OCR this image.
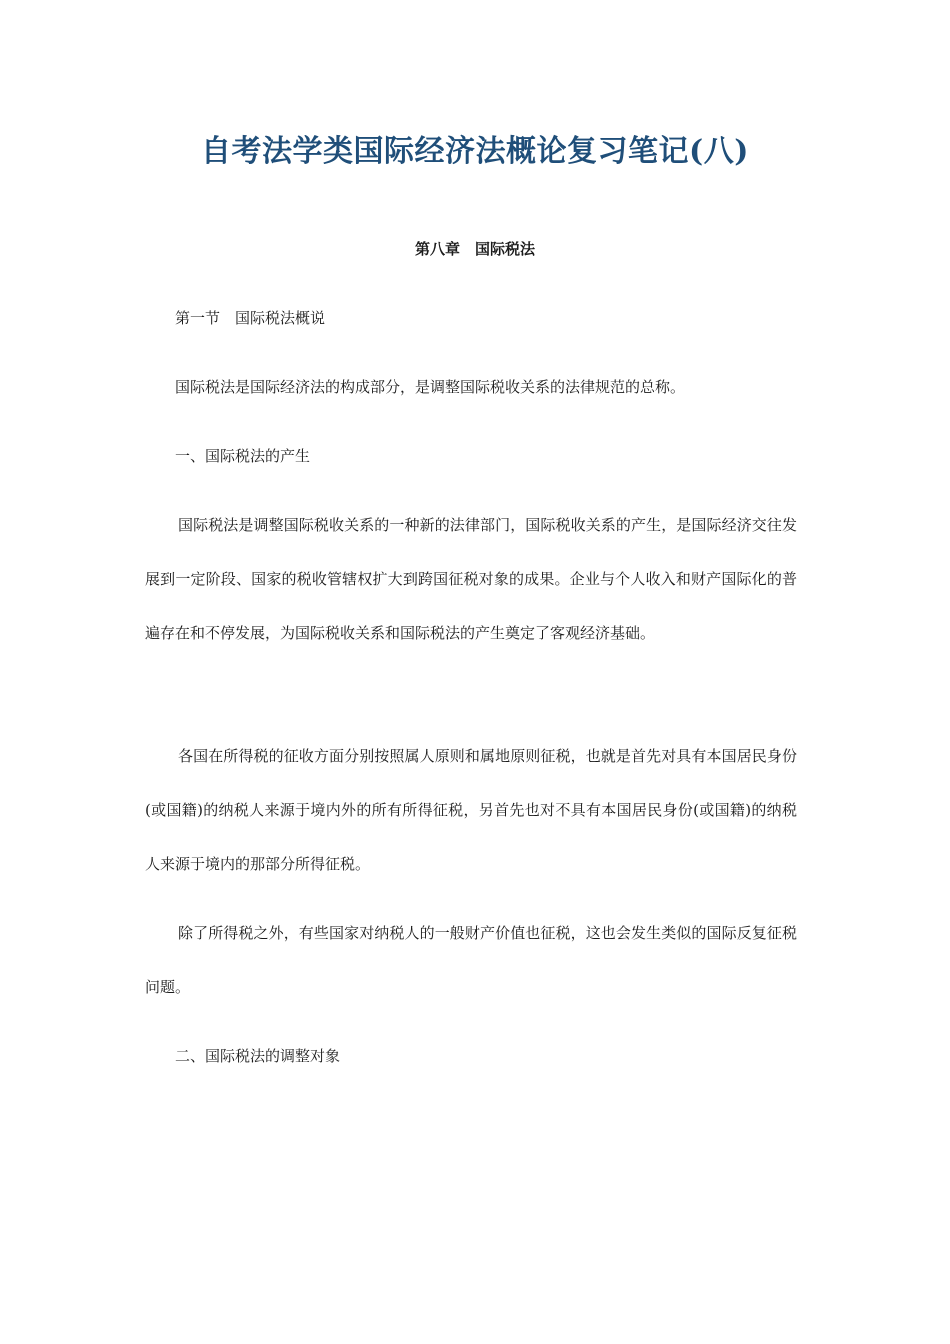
自考法学类国际经济法概论复习笔记(八)

第八章　国际税法

　　第一节　国际税法概说

　　国际税法是国际经济法的构成部分，是调整国际税收关系的法律规范的总称。

　　一、国际税法的产生

国际税法是调整国际税收关系的一种新的法律部门，国际税收关系的产生，是国际经济交往发展到一定阶段、国家的税收管辖权扩大到跨国征税对象的成果。企业与个人收入和财产国际化的普遍存在和不停发展，为国际税收关系和国际税法的产生奠定了客观经济基础。

各国在所得税的征收方面分别按照属人原则和属地原则征税，也就是首先对具有本国居民身份(或国籍)的纳税人来源于境内外的所有所得征税，另首先也对不具有本国居民身份(或国籍)的纳税人来源于境内的那部分所得征税。

除了所得税之外，有些国家对纳税人的一般财产价值也征税，这也会发生类似的国际反复征税问题。

　　二、国际税法的调整对象
